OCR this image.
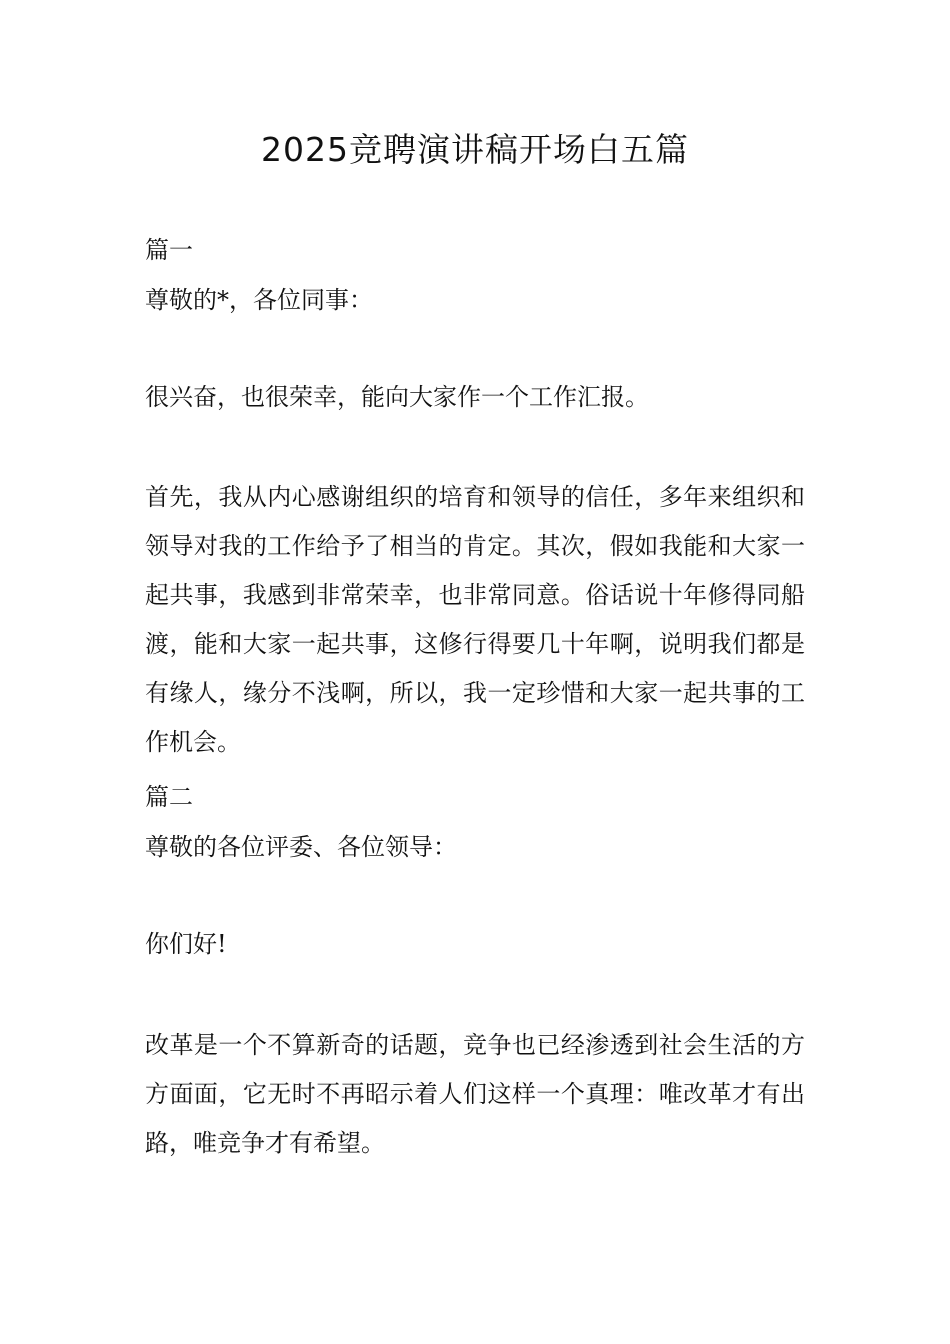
2025竞聘演讲稿开场白五篇
篇一
尊敬的*，各位同事：
很兴奋，也很荣幸，能向大家作一个工作汇报。
首先，我从内心感谢组织的培育和领导的信任，多年来组织和领导对我的工作给予了相当的肯定。其次，假如我能和大家一起共事，我感到非常荣幸，也非常同意。俗话说十年修得同船渡，能和大家一起共事，这修行得要几十年啊，说明我们都是有缘人，缘分不浅啊，所以，我一定珍惜和大家一起共事的工作机会。
篇二
尊敬的各位评委、各位领导：
你们好!
改革是一个不算新奇的话题，竞争也已经渗透到社会生活的方方面面，它无时不再昭示着人们这样一个真理：唯改革才有出路，唯竞争才有希望。
